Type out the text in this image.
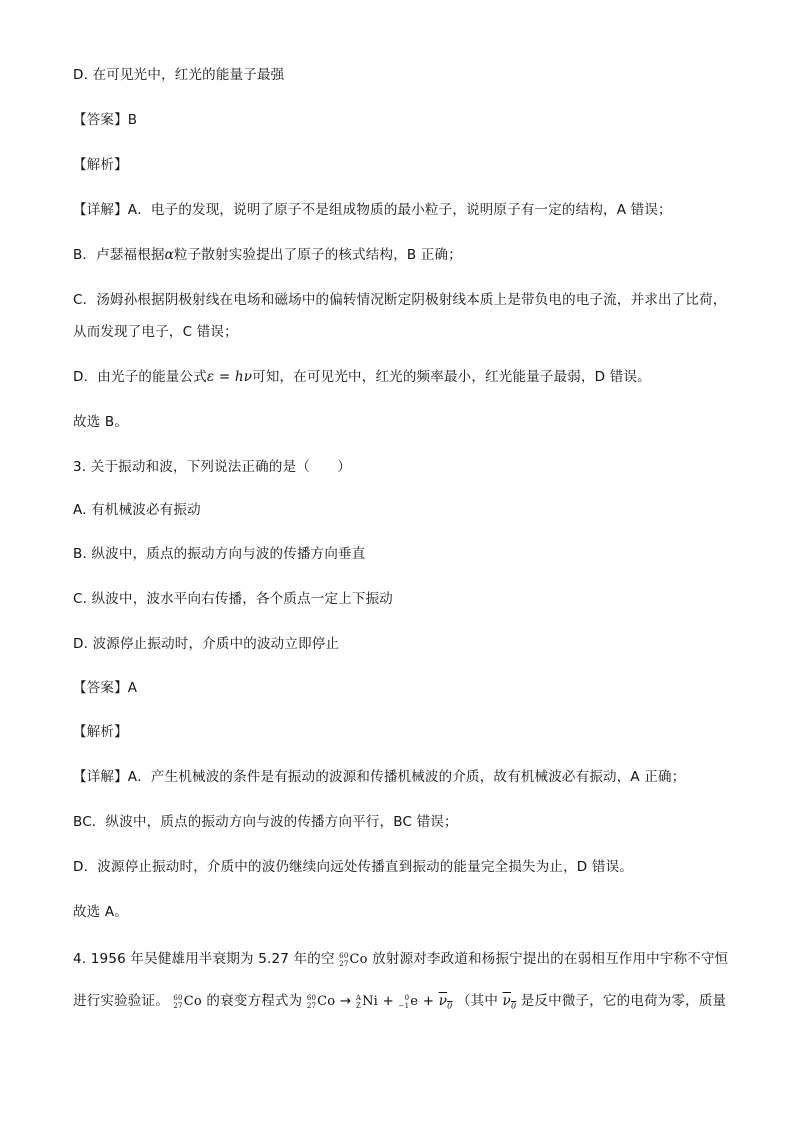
D. 在可见光中，红光的能量子最强
【答案】B
【解析】
【详解】A．电子的发现，说明了原子不是组成物质的最小粒子，说明原子有一定的结构，A 错误；
B．卢瑟福根据α粒子散射实验提出了原子的核式结构，B 正确；
C．汤姆孙根据阴极射线在电场和磁场中的偏转情况断定阴极射线本质上是带负电的电子流，并求出了比荷，
从而发现了电子，C 错误；
D．由光子的能量公式ε = hν可知，在可见光中，红光的频率最小，红光能量子最弱，D 错误。
故选 B。
3. 关于振动和波，下列说法正确的是（　　）
A. 有机械波必有振动
B. 纵波中，质点的振动方向与波的传播方向垂直
C. 纵波中，波水平向右传播，各个质点一定上下振动
D. 波源停止振动时，介质中的波动立即停止
【答案】A
【解析】
【详解】A．产生机械波的条件是有振动的波源和传播机械波的介质，故有机械波必有振动，A 正确；
BC．纵波中，质点的振动方向与波的传播方向平行，BC 错误；
D．波源停止振动时，介质中的波仍继续向远处传播直到振动的能量完全损失为止，D 错误。
故选 A。
4. 1956 年吴健雄用半衰期为 5.27 年的空 60
27 Co 放射源对李政道和杨振宁提出的在弱相互作用中宇称不守恒
进行实验验证。 60
27 Co 的衰变方程式为 60
27 Co → A
Z Ni +	0
−1 $e + \nu_0$ （其中 $\nu_0$ 是反中微子，它的电荷为零，质量
